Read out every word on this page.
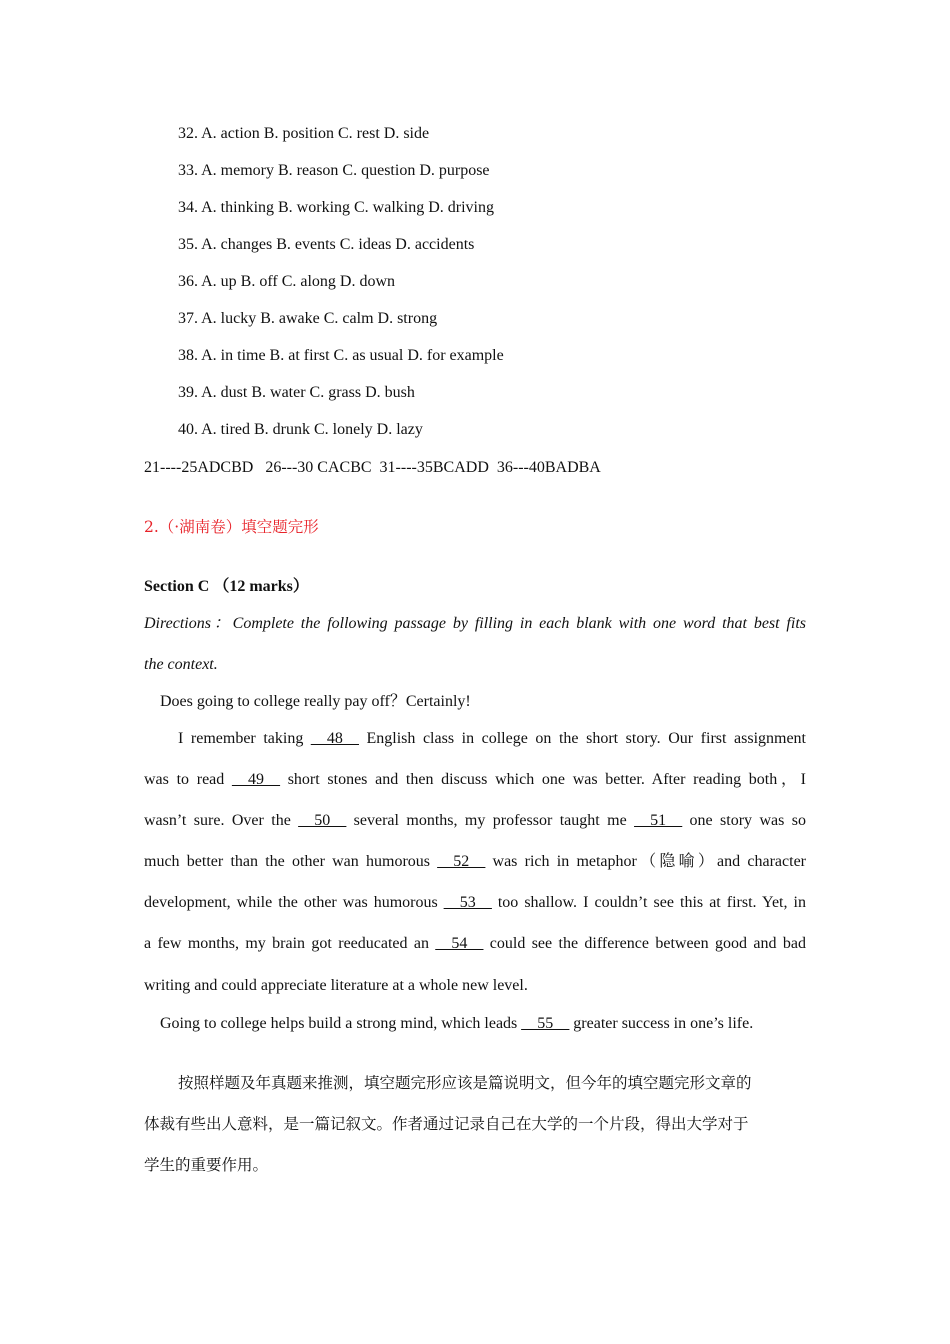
32. A. action B. position C. rest D. side
33. A. memory B. reason C. question D. purpose
34. A. thinking B. working C. walking D. driving
35. A. changes B. events C. ideas D. accidents
36. A. up B. off C. along D. down
37. A. lucky B. awake C. calm D. strong
38. A. in time B. at first C. as usual D. for example
39. A. dust B. water C. grass D. bush
40. A. tired B. drunk C. lonely D. lazy
21----25ADCBD   26---30 CACBC  31----35BCADD  36---40BADBA
2.（·湖南卷）填空题完形
Section C （12 marks）
Directions：Complete the following passage by filling in each blank with one word that best fits
the context.
Does going to college really pay off？Certainly!
I remember taking __48__ English class in college on the short story. Our first assignment
was to read __49__ short stones and then discuss which one was better. After reading both，I
wasn’t sure. Over the __50__ several months, my professor taught me __51__ one story was so
much better than the other wan humorous __52__ was rich in metaphor（隐喻）and character
development, while the other was humorous __53__ too shallow. I couldn’t see this at first. Yet, in
a few months, my brain got reeducated an __54__ could see the difference between good and bad
writing and could appreciate literature at a whole new level.
Going to college helps build a strong mind, which leads __55__ greater success in one’s life.
按照样题及年真题来推测，填空题完形应该是篇说明文，但今年的填空题完形文章的
体裁有些出人意料，是一篇记叙文。作者通过记录自己在大学的一个片段，得出大学对于
学生的重要作用。
